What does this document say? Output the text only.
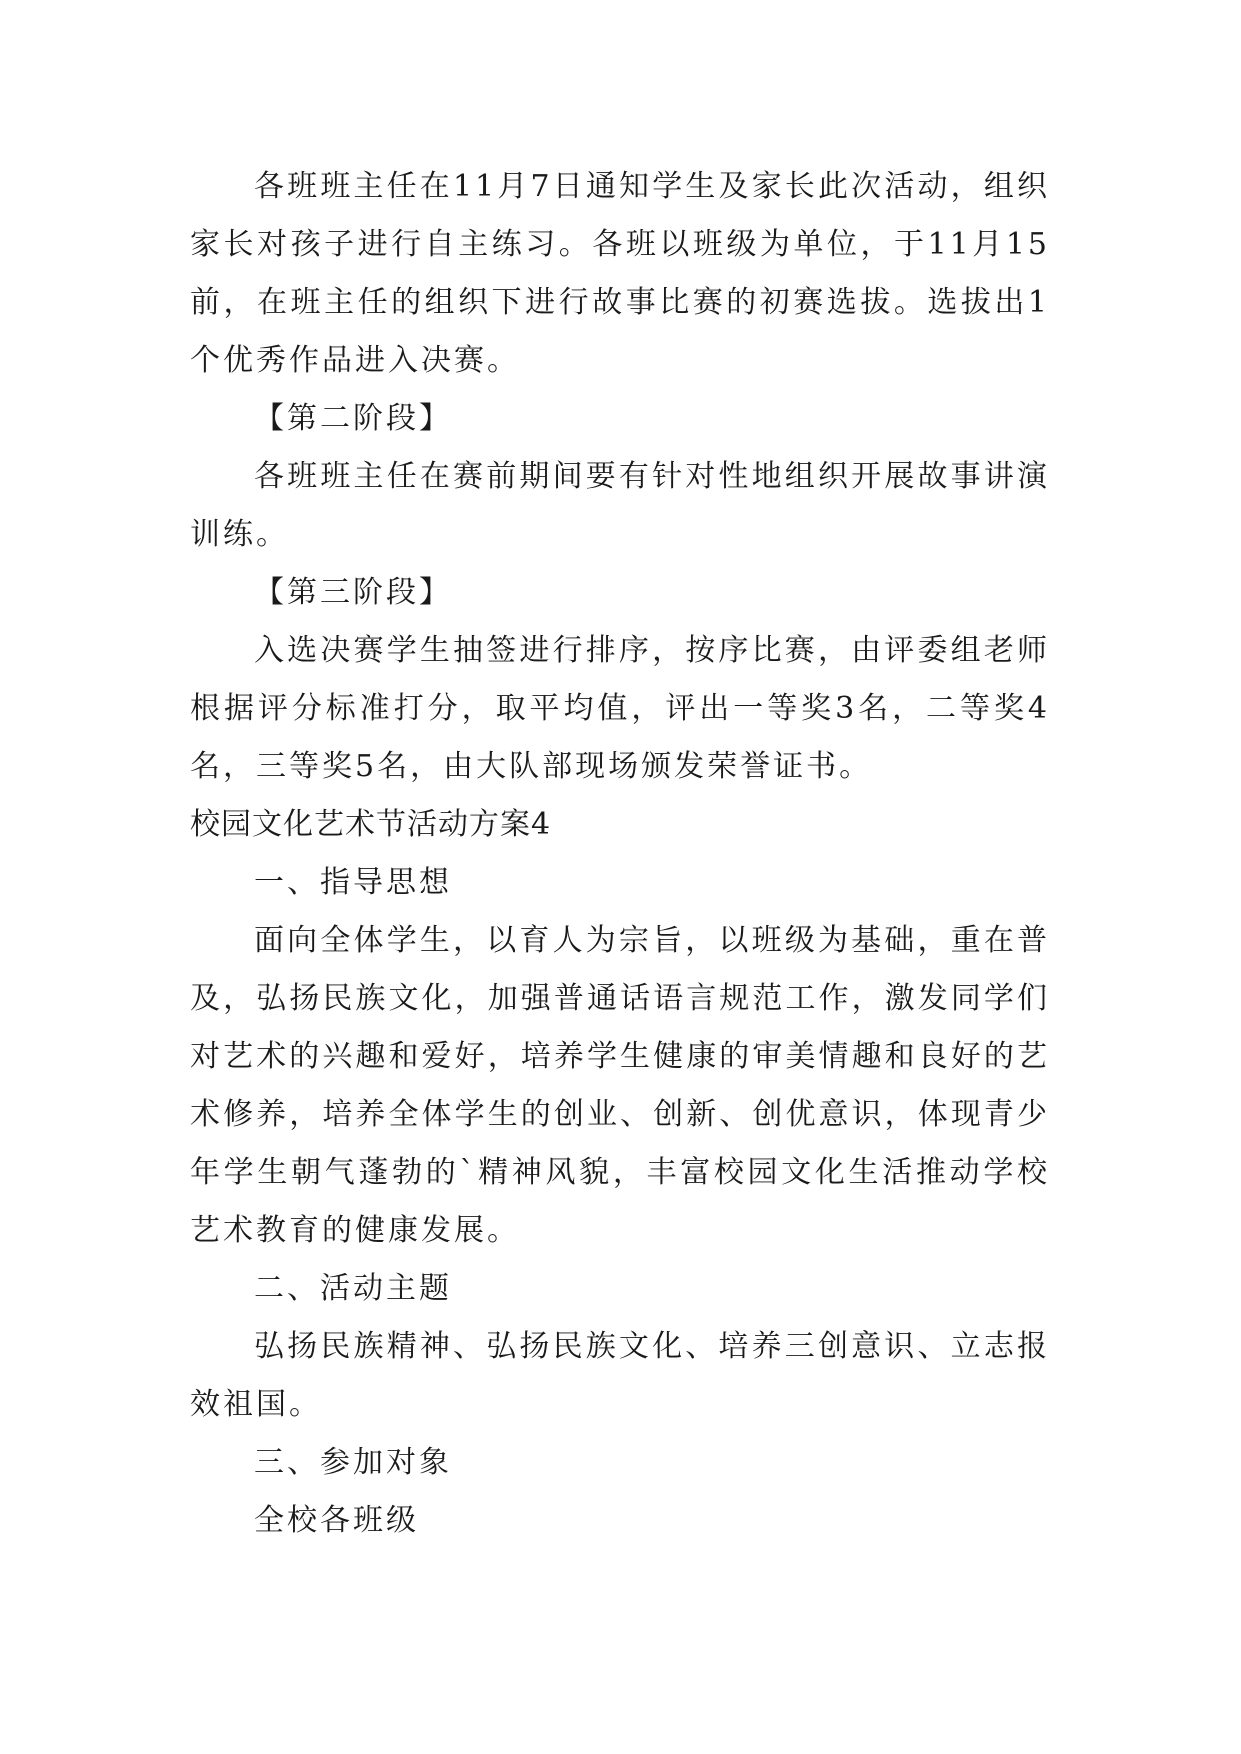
各班班主任在11月7日通知学生及家长此次活动，组织家长对孩子进行自主练习。各班以班级为单位，于11月15前，在班主任的组织下进行故事比赛的初赛选拔。选拔出1个优秀作品进入决赛。

【第二阶段】

各班班主任在赛前期间要有针对性地组织开展故事讲演训练。

【第三阶段】

入选决赛学生抽签进行排序，按序比赛，由评委组老师根据评分标准打分，取平均值，评出一等奖3名，二等奖4名，三等奖5名，由大队部现场颁发荣誉证书。

校园文化艺术节活动方案4

一、指导思想

面向全体学生，以育人为宗旨，以班级为基础，重在普及，弘扬民族文化，加强普通话语言规范工作，激发同学们对艺术的兴趣和爱好，培养学生健康的审美情趣和良好的艺术修养，培养全体学生的创业、创新、创优意识，体现青少年学生朝气蓬勃的`精神风貌，丰富校园文化生活推动学校艺术教育的健康发展。

二、活动主题

弘扬民族精神、弘扬民族文化、培养三创意识、立志报效祖国。

三、参加对象

全校各班级
